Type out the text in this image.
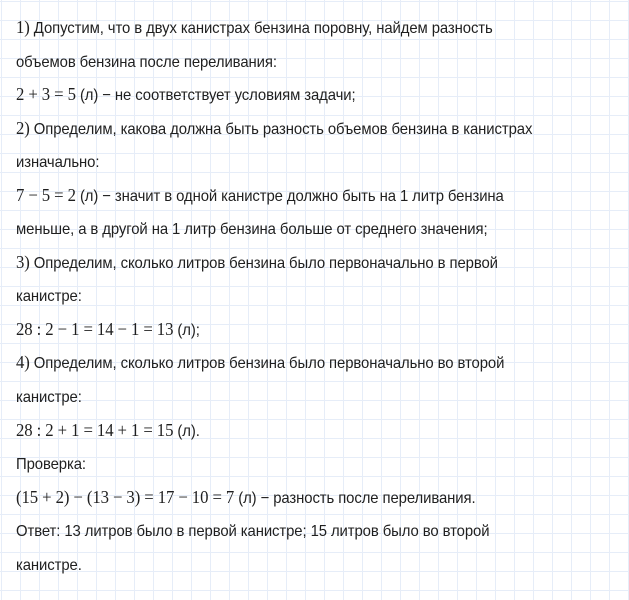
1) Допустим, что в двух канистрах бензина поровну, найдем разность
объемов бензина после переливания:
2 + 3 = 5 (л) − не соответствует условиям задачи;
2) Определим, какова должна быть разность объемов бензина в канистрах
изначально:
7 − 5 = 2 (л) − значит в одной канистре должно быть на 1 литр бензина
меньше, а в другой на 1 литр бензина больше от среднего значения;
3) Определим, сколько литров бензина было первоначально в первой
канистре:
28 : 2 − 1 = 14 − 1 = 13 (л);
4) Определим, сколько литров бензина было первоначально во второй
канистре:
28 : 2 + 1 = 14 + 1 = 15 (л).
Проверка:
(15 + 2) − (13 − 3) = 17 − 10 = 7 (л) − разность после переливания.
Ответ: 13 литров было в первой канистре; 15 литров было во второй
канистре.
